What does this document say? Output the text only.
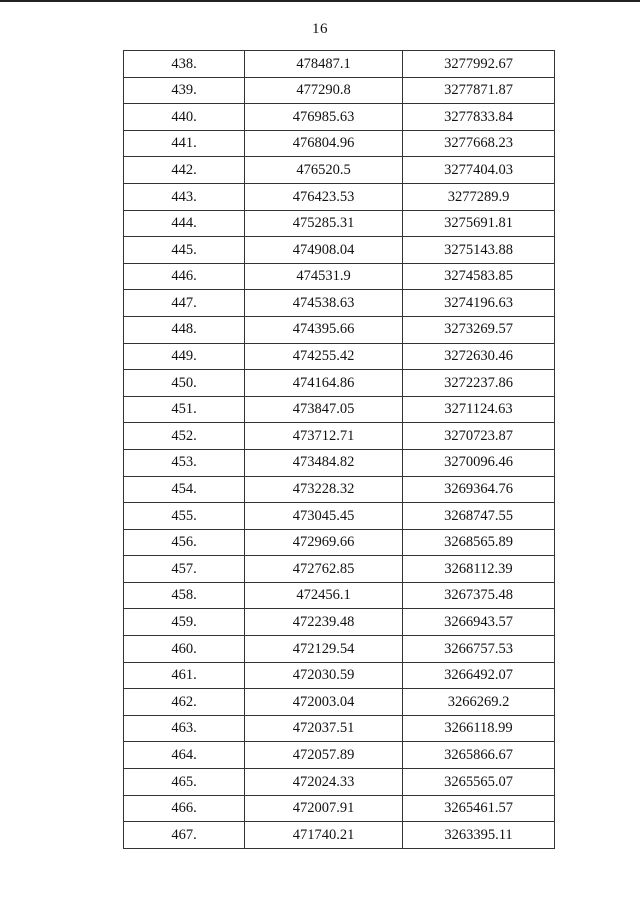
16
438.	478487.1	3277992.67
439.	477290.8	3277871.87
440.	476985.63	3277833.84
441.	476804.96	3277668.23
442.	476520.5	3277404.03
443.	476423.53	3277289.9
444.	475285.31	3275691.81
445.	474908.04	3275143.88
446.	474531.9	3274583.85
447.	474538.63	3274196.63
448.	474395.66	3273269.57
449.	474255.42	3272630.46
450.	474164.86	3272237.86
451.	473847.05	3271124.63
452.	473712.71	3270723.87
453.	473484.82	3270096.46
454.	473228.32	3269364.76
455.	473045.45	3268747.55
456.	472969.66	3268565.89
457.	472762.85	3268112.39
458.	472456.1	3267375.48
459.	472239.48	3266943.57
460.	472129.54	3266757.53
461.	472030.59	3266492.07
462.	472003.04	3266269.2
463.	472037.51	3266118.99
464.	472057.89	3265866.67
465.	472024.33	3265565.07
466.	472007.91	3265461.57
467.	471740.21	3263395.11
